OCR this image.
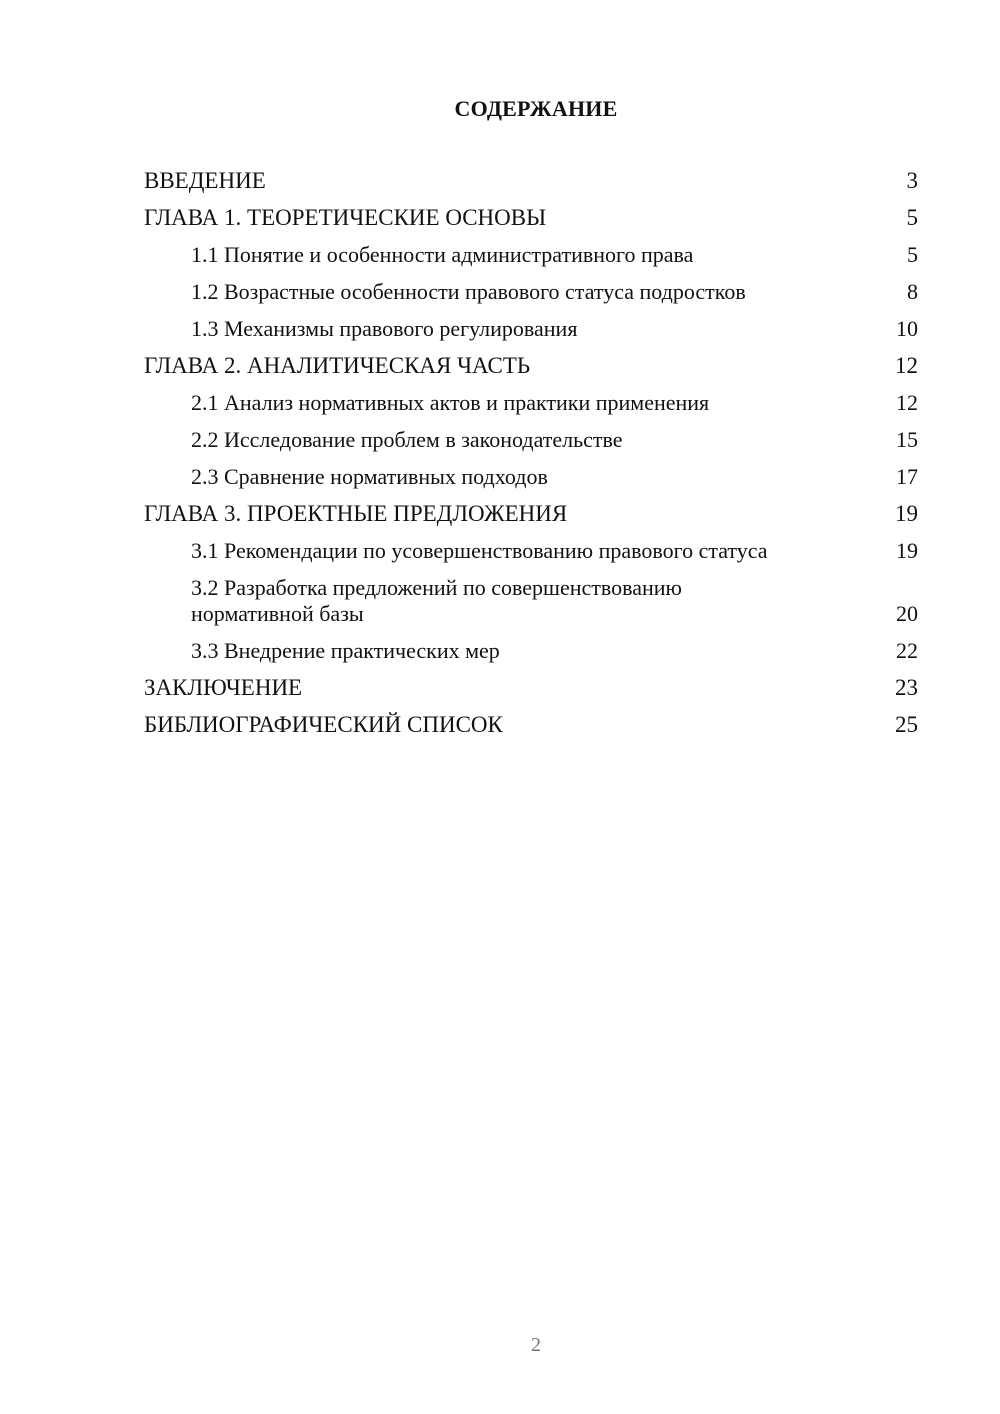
СОДЕРЖАНИЕ
ВВЕДЕНИЕ	3
ГЛАВА 1. ТЕОРЕТИЧЕСКИЕ ОСНОВЫ	5
1.1 Понятие и особенности административного права	5
1.2 Возрастные особенности правового статуса подростков	8
1.3 Механизмы правового регулирования	10
ГЛАВА 2. АНАЛИТИЧЕСКАЯ ЧАСТЬ	12
2.1 Анализ нормативных актов и практики применения	12
2.2 Исследование проблем в законодательстве	15
2.3 Сравнение нормативных подходов	17
ГЛАВА 3. ПРОЕКТНЫЕ ПРЕДЛОЖЕНИЯ	19
3.1 Рекомендации по усовершенствованию правового статуса	19
3.2 Разработка предложений по совершенствованию нормативной базы	20
3.3 Внедрение практических мер	22
ЗАКЛЮЧЕНИЕ	23
БИБЛИОГРАФИЧЕСКИЙ СПИСОК	25
2
